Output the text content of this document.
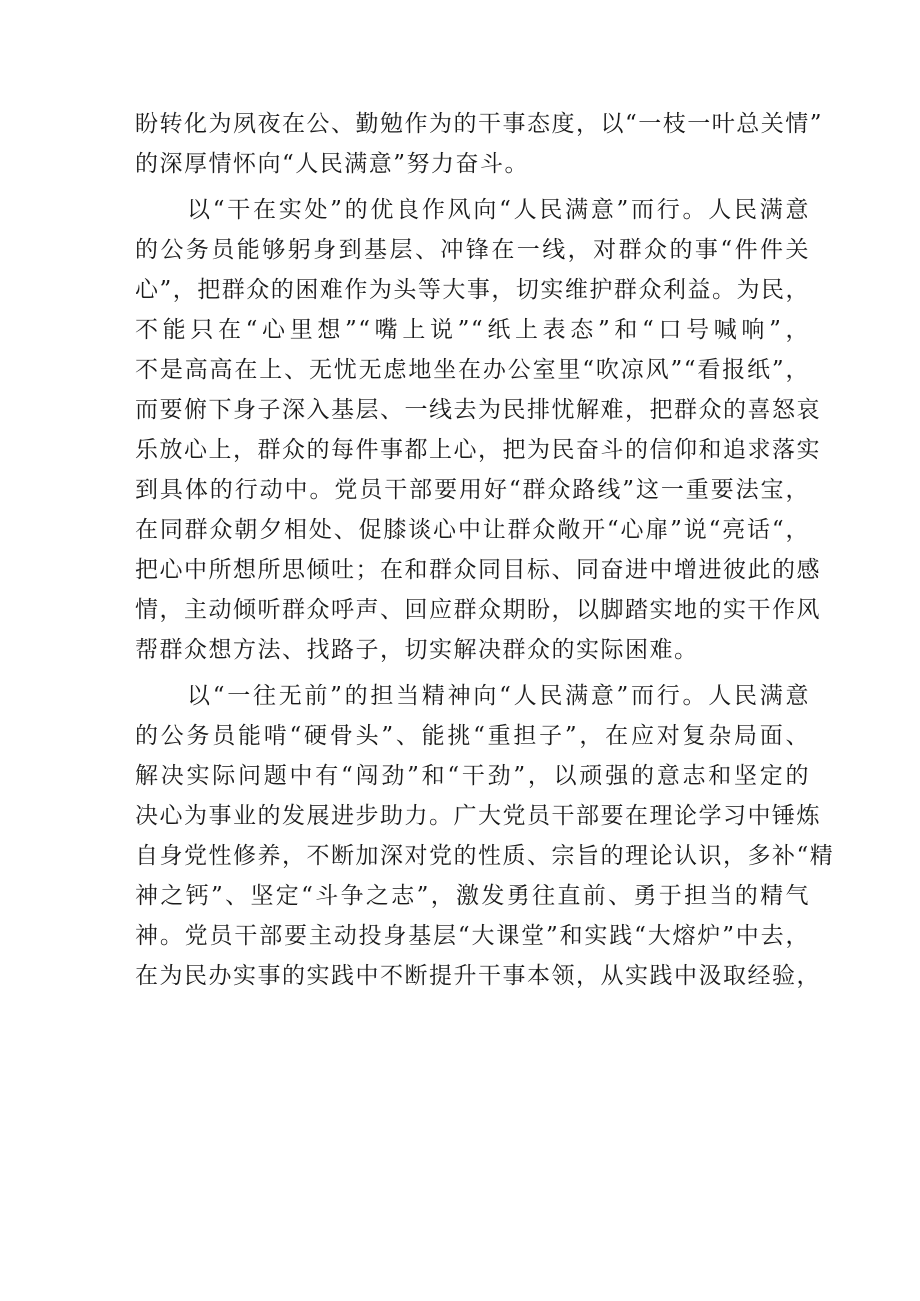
盼转化为夙夜在公、勤勉作为的干事态度，以“一枝一叶总关情”
的深厚情怀向“人民满意”努力奋斗。
以“干在实处”的优良作风向“人民满意”而行。人民满意
的公务员能够躬身到基层、冲锋在一线，对群众的事“件件关
心”，把群众的困难作为头等大事，切实维护群众利益。为民，
不能只在“心里想”“嘴上说”“纸上表态”和“口号喊响”，
不是高高在上、无忧无虑地坐在办公室里“吹凉风”“看报纸”，
而要俯下身子深入基层、一线去为民排忧解难，把群众的喜怒哀
乐放心上，群众的每件事都上心，把为民奋斗的信仰和追求落实
到具体的行动中。党员干部要用好“群众路线”这一重要法宝，
在同群众朝夕相处、促膝谈心中让群众敞开“心扉”说“亮话“，
把心中所想所思倾吐；在和群众同目标、同奋进中增进彼此的感
情，主动倾听群众呼声、回应群众期盼，以脚踏实地的实干作风
帮群众想方法、找路子，切实解决群众的实际困难。
以“一往无前”的担当精神向“人民满意”而行。人民满意
的公务员能啃“硬骨头”、能挑“重担子”，在应对复杂局面、
解决实际问题中有“闯劲”和“干劲”，以顽强的意志和坚定的
决心为事业的发展进步助力。广大党员干部要在理论学习中锤炼
自身党性修养，不断加深对党的性质、宗旨的理论认识，多补“精
神之钙”、坚定“斗争之志”，激发勇往直前、勇于担当的精气
神。党员干部要主动投身基层“大课堂”和实践“大熔炉”中去，
在为民办实事的实践中不断提升干事本领，从实践中汲取经验，
